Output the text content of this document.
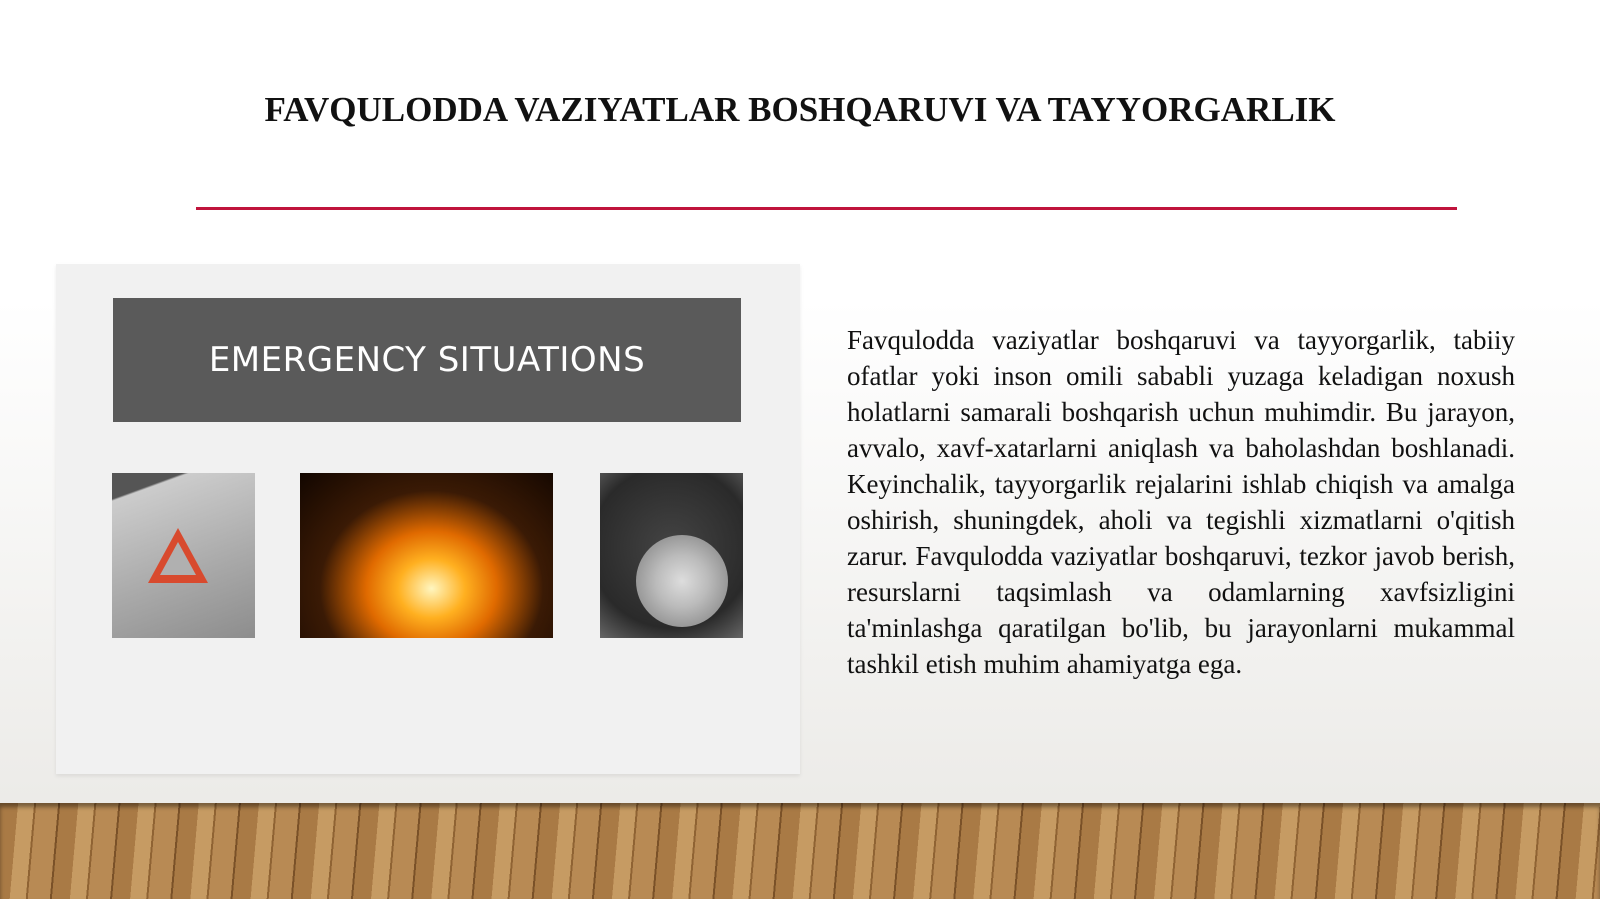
FAVQULODDA VAZIYATLAR BOSHQARUVI VA TAYYORGARLIK
EMERGENCY SITUATIONS	Favqulodda vaziyatlar boshqaruvi va tayyorgarlik, tabiiy ofatlar yoki inson omili sababli yuzaga keladigan noxush holatlarni samarali boshqarish uchun muhimdir. Bu jarayon, avvalo, xavf-xatarlarni aniqlash va baholashdan boshlanadi. Keyinchalik, tayyorgarlik rejalarini ishlab chiqish va amalga oshirish, shuningdek, aholi va tegishli xizmatlarni o'qitish zarur. Favqulodda vaziyatlar boshqaruvi, tezkor javob berish, resurslarni taqsimlash va odamlarning xavfsizligini ta'minlashga qaratilgan bo'lib, bu jarayonlarni mukammal tashkil etish muhim ahamiyatga ega.
